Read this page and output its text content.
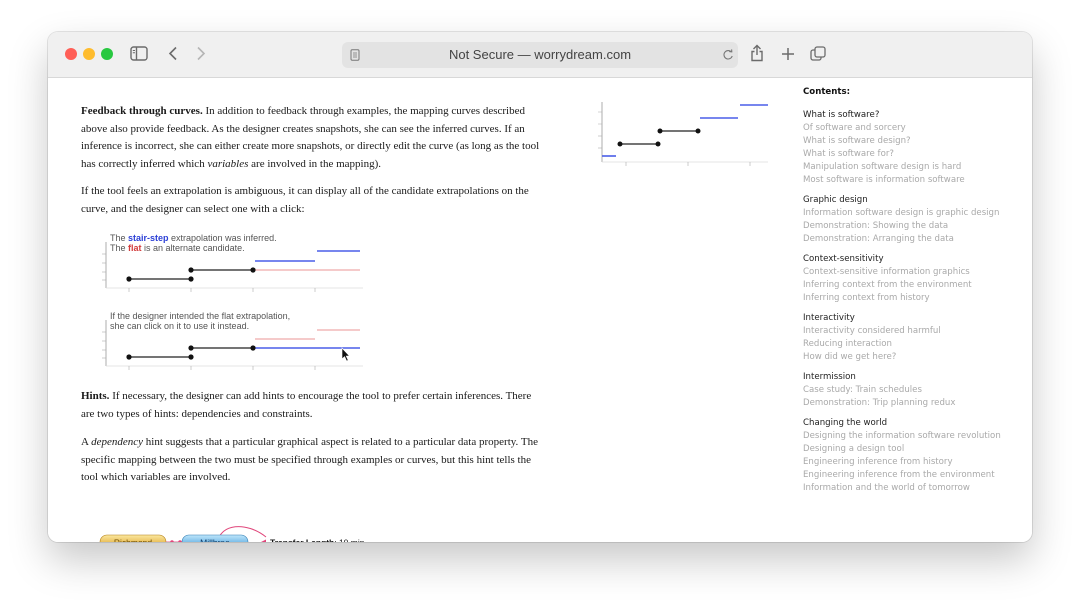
Not Secure — worrydream.com

Feedback through curves. In addition to feedback through examples, the mapping curves described above also provide feedback. As the designer creates snapshots, she can see the inferred curves. If an inference is incorrect, she can either create more snapshots, or directly edit the curve (as long as the tool has correctly inferred which variables are involved in the mapping).

If the tool feels an extrapolation is ambiguous, it can display all of the candidate extrapolations on the curve, and the designer can select one with a click:

The stair-step extrapolation was inferred.
The flat is an alternate candidate.
If the designer intended the flat extrapolation,
she can click on it to use it instead.

Hints. If necessary, the designer can add hints to encourage the tool to prefer certain inferences. There are two types of hints: dependencies and constraints.

A dependency hint suggests that a particular graphical aspect is related to a particular data property. The specific mapping between the two must be specified through examples or curves, but this hint tells the tool which variables are involved.

Richmond	Millbrae	Transfer Length: 10 min
Contents:
What is software?
Of software and sorcery
What is software design?
What is software for?
Manipulation software design is hard
Most software is information software
Graphic design
Information software design is graphic design
Demonstration: Showing the data
Demonstration: Arranging the data
Context-sensitivity
Context-sensitive information graphics
Inferring context from the environment
Inferring context from history
Interactivity
Interactivity considered harmful
Reducing interaction
How did we get here?
Intermission
Case study: Train schedules
Demonstration: Trip planning redux
Changing the world
Designing the information software revolution
Designing a design tool
Engineering inference from history
Engineering inference from the environment
Information and the world of tomorrow
